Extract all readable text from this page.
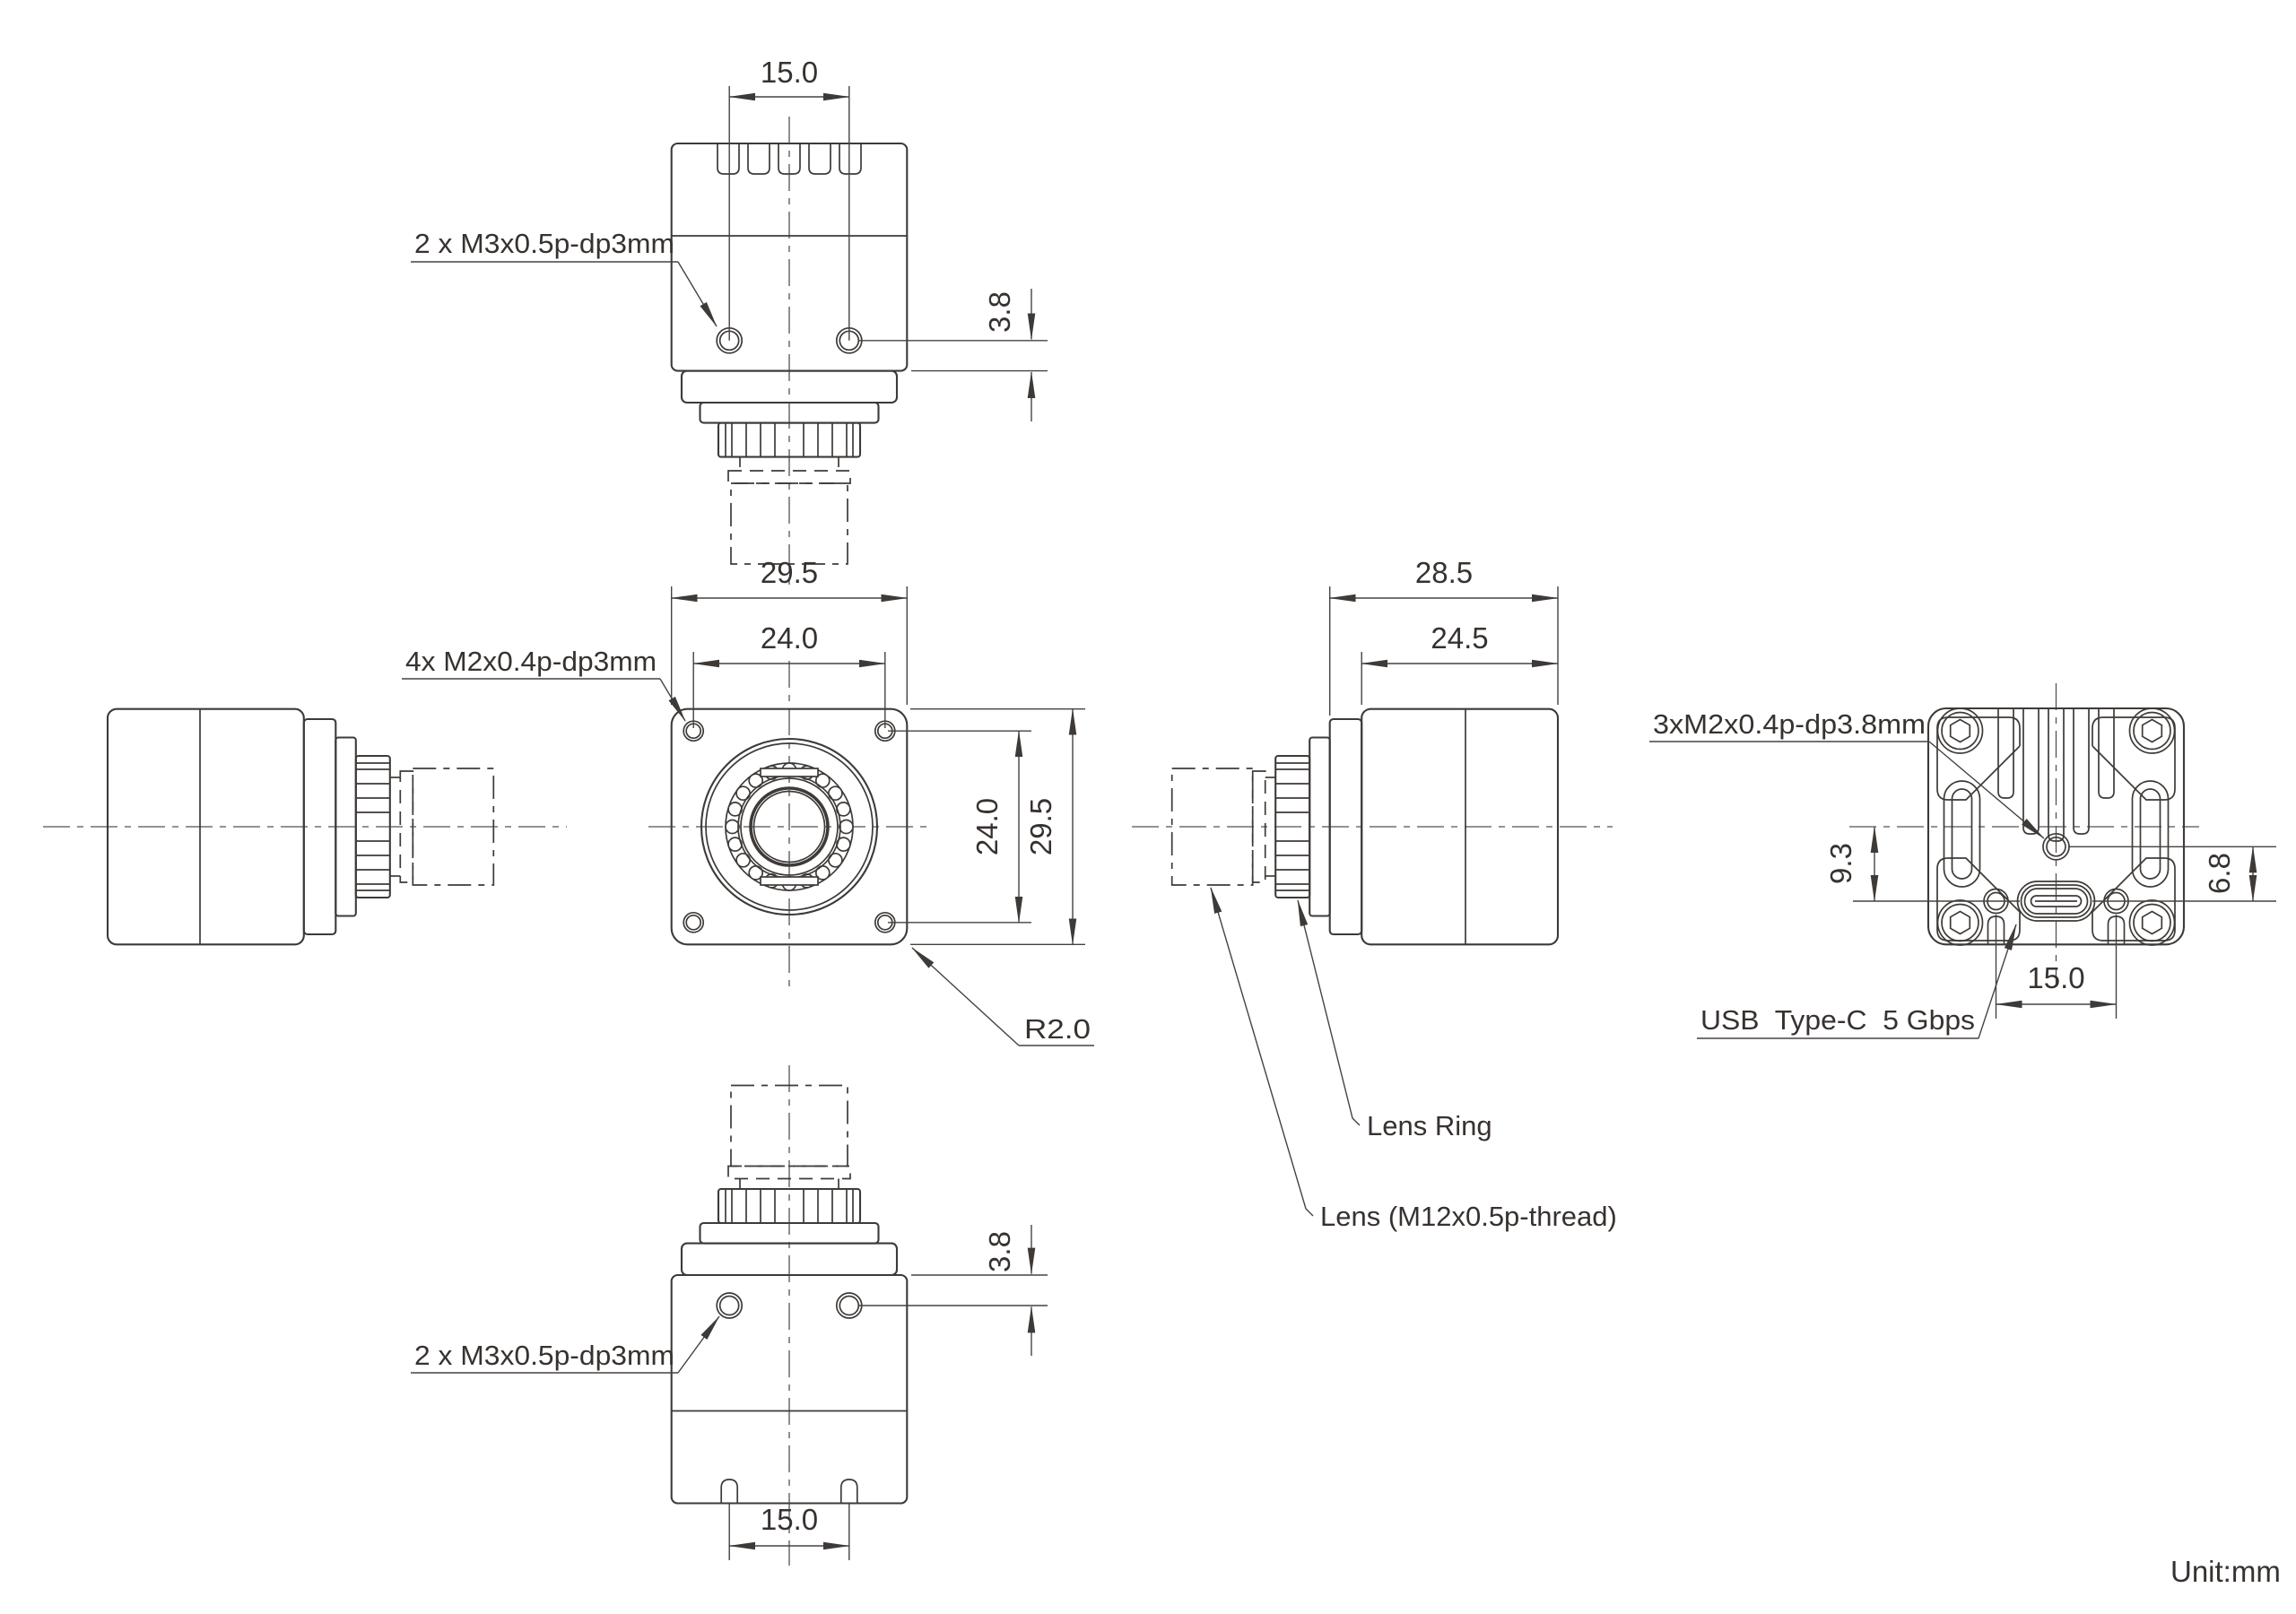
15.0
3.8
2 x M3x0.5p-dp3mm
29.5
24.0
24.0 29.5
4x M2x0.4p-dp3mm
R2.0
28.5
24.5
Lens Ring
Lens (M12x0.5p-thread)
9.3	6.8
15.0
3xM2x0.4p-dp3.8mm
USB  Type-C  5 Gbps
3.8
15.0
2 x M3x0.5p-dp3mm
Unit:mm
